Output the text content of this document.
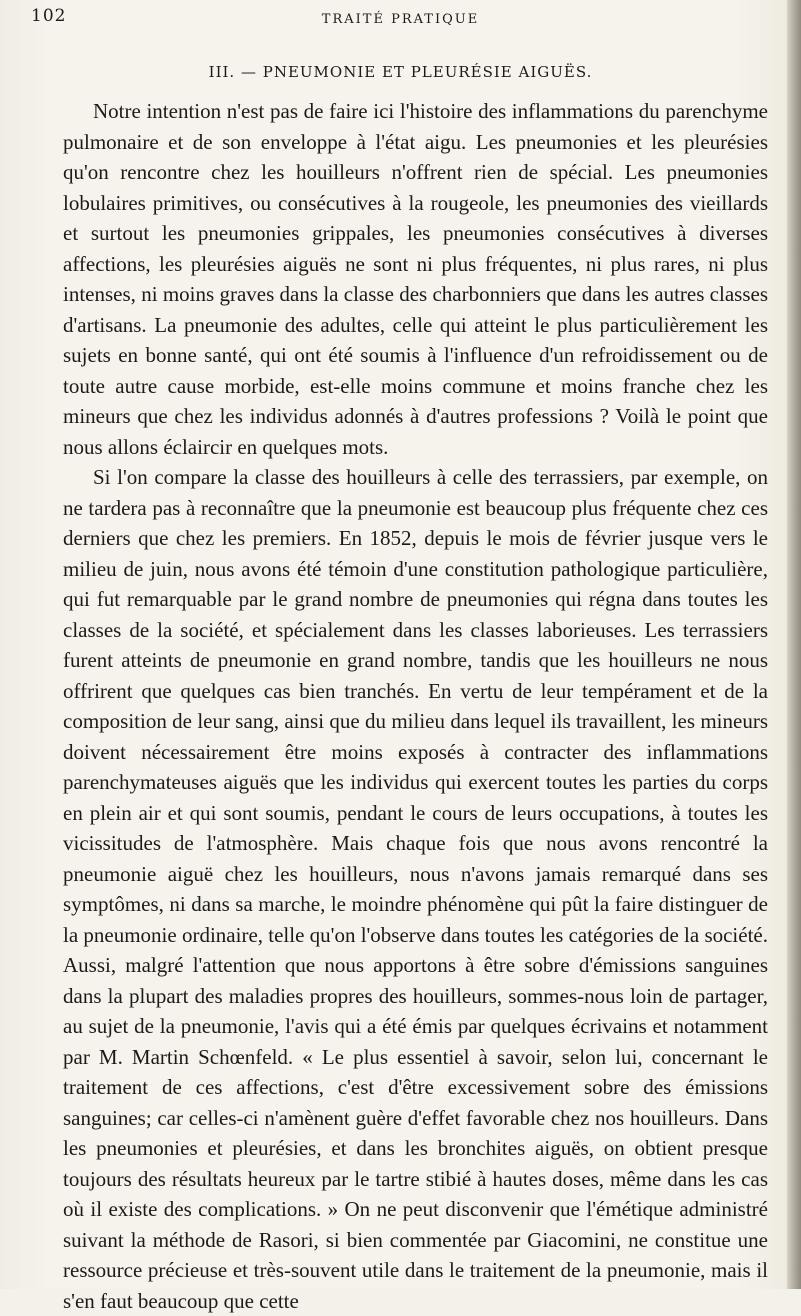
102	TRAITÉ PRATIQUE
III. — PNEUMONIE ET PLEURÉSIE AIGUËS.

Notre intention n'est pas de faire ici l'histoire des inflammations du parenchyme pulmonaire et de son enveloppe à l'état aigu. Les pneumonies et les pleurésies qu'on rencontre chez les houilleurs n'offrent rien de spécial. Les pneumonies lobulaires primitives, ou consécutives à la rougeole, les pneumonies des vieillards et surtout les pneumonies grippales, les pneumonies consécutives à diverses affections, les pleurésies aiguës ne sont ni plus fréquentes, ni plus rares, ni plus intenses, ni moins graves dans la classe des charbonniers que dans les autres classes d'artisans. La pneumonie des adultes, celle qui atteint le plus particulièrement les sujets en bonne santé, qui ont été soumis à l'influence d'un refroidissement ou de toute autre cause morbide, est-elle moins commune et moins franche chez les mineurs que chez les individus adonnés à d'autres professions ? Voilà le point que nous allons éclaircir en quelques mots.

Si l'on compare la classe des houilleurs à celle des terrassiers, par exemple, on ne tardera pas à reconnaître que la pneumonie est beaucoup plus fréquente chez ces derniers que chez les premiers. En 1852, depuis le mois de février jusque vers le milieu de juin, nous avons été témoin d'une constitution pathologique particulière, qui fut remarquable par le grand nombre de pneumonies qui régna dans toutes les classes de la société, et spécialement dans les classes laborieuses. Les terrassiers furent atteints de pneumonie en grand nombre, tandis que les houilleurs ne nous offrirent que quelques cas bien tranchés. En vertu de leur tempérament et de la composition de leur sang, ainsi que du milieu dans lequel ils travaillent, les mineurs doivent nécessairement être moins exposés à contracter des inflammations parenchymateuses aiguës que les individus qui exercent toutes les parties du corps en plein air et qui sont soumis, pendant le cours de leurs occupations, à toutes les vicissitudes de l'atmosphère. Mais chaque fois que nous avons rencontré la pneumonie aiguë chez les houilleurs, nous n'avons jamais remarqué dans ses symptômes, ni dans sa marche, le moindre phénomène qui pût la faire distinguer de la pneumonie ordinaire, telle qu'on l'observe dans toutes les catégories de la société. Aussi, malgré l'attention que nous apportons à être sobre d'émissions sanguines dans la plupart des maladies propres des houilleurs, sommes-nous loin de partager, au sujet de la pneumonie, l'avis qui a été émis par quelques écrivains et notamment par M. Martin Schœnfeld. « Le plus essentiel à savoir, selon lui, concernant le traitement de ces affections, c'est d'être excessivement sobre des émissions sanguines; car celles-ci n'amènent guère d'effet favorable chez nos houilleurs. Dans les pneumonies et pleurésies, et dans les bronchites aiguës, on obtient presque toujours des résultats heureux par le tartre stibié à hautes doses, même dans les cas où il existe des complications. » On ne peut disconvenir que l'émétique administré suivant la méthode de Rasori, si bien commentée par Giacomini, ne constitue une ressource précieuse et très-souvent utile dans le traitement de la pneumonie, mais il s'en faut beaucoup que cette
